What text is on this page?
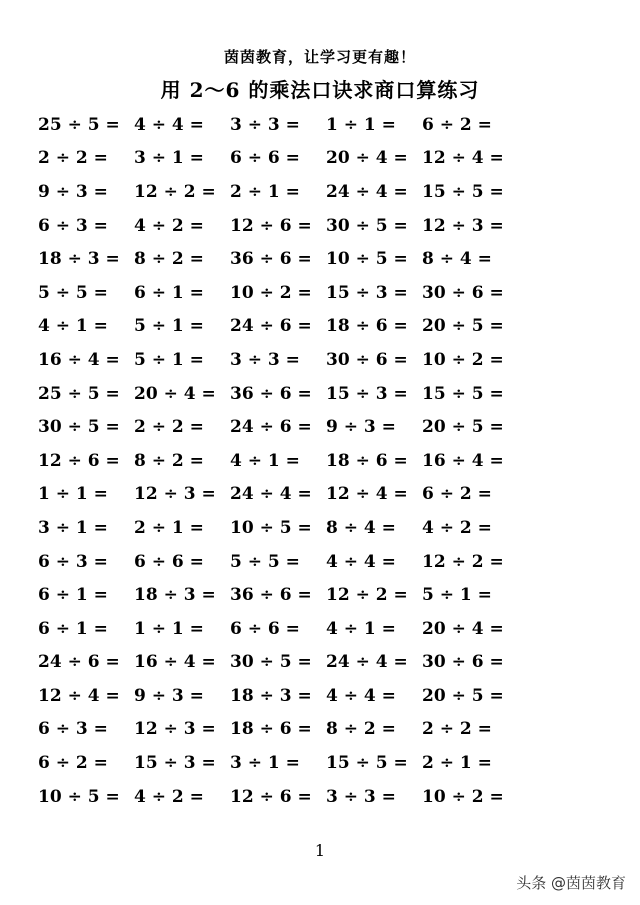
茵茵教育，让学习更有趣！
用 2～6 的乘法口诀求商口算练习
25 ÷ 5 = 4 ÷ 4 =	3 ÷ 3 =	1 ÷ 1 =	6 ÷ 2 =
2 ÷ 2 =	3 ÷ 1 =	6 ÷ 6 =	20 ÷ 4 = 12 ÷ 4 =
9 ÷ 3 =	12 ÷ 2 = 2 ÷ 1 =	24 ÷ 4 = 15 ÷ 5 =
6 ÷ 3 =	4 ÷ 2 =	12 ÷ 6 = 30 ÷ 5 = 12 ÷ 3 =
18 ÷ 3 = 8 ÷ 2 =	36 ÷ 6 = 10 ÷ 5 = 8 ÷ 4 =
5 ÷ 5 =	6 ÷ 1 =	10 ÷ 2 = 15 ÷ 3 = 30 ÷ 6 =
4 ÷ 1 =	5 ÷ 1 =	24 ÷ 6 = 18 ÷ 6 = 20 ÷ 5 =
16 ÷ 4 = 5 ÷ 1 =	3 ÷ 3 =	30 ÷ 6 = 10 ÷ 2 =
25 ÷ 5 = 20 ÷ 4 = 36 ÷ 6 = 15 ÷ 3 = 15 ÷ 5 =
30 ÷ 5 = 2 ÷ 2 =	24 ÷ 6 = 9 ÷ 3 =	20 ÷ 5 =
12 ÷ 6 = 8 ÷ 2 =	4 ÷ 1 =	18 ÷ 6 = 16 ÷ 4 =
1 ÷ 1 =	12 ÷ 3 = 24 ÷ 4 = 12 ÷ 4 = 6 ÷ 2 =
3 ÷ 1 =	2 ÷ 1 =	10 ÷ 5 = 8 ÷ 4 =	4 ÷ 2 =
6 ÷ 3 =	6 ÷ 6 =	5 ÷ 5 =	4 ÷ 4 =	12 ÷ 2 =
6 ÷ 1 =	18 ÷ 3 = 36 ÷ 6 = 12 ÷ 2 = 5 ÷ 1 =
6 ÷ 1 =	1 ÷ 1 =	6 ÷ 6 =	4 ÷ 1 =	20 ÷ 4 =
24 ÷ 6 = 16 ÷ 4 = 30 ÷ 5 = 24 ÷ 4 = 30 ÷ 6 =
12 ÷ 4 = 9 ÷ 3 =	18 ÷ 3 = 4 ÷ 4 =	20 ÷ 5 =
6 ÷ 3 =	12 ÷ 3 = 18 ÷ 6 = 8 ÷ 2 =	2 ÷ 2 =
6 ÷ 2 =	15 ÷ 3 = 3 ÷ 1 =	15 ÷ 5 = 2 ÷ 1 =
10 ÷ 5 = 4 ÷ 2 =	12 ÷ 6 = 3 ÷ 3 =	10 ÷ 2 =
1
头条 @茵茵教育
